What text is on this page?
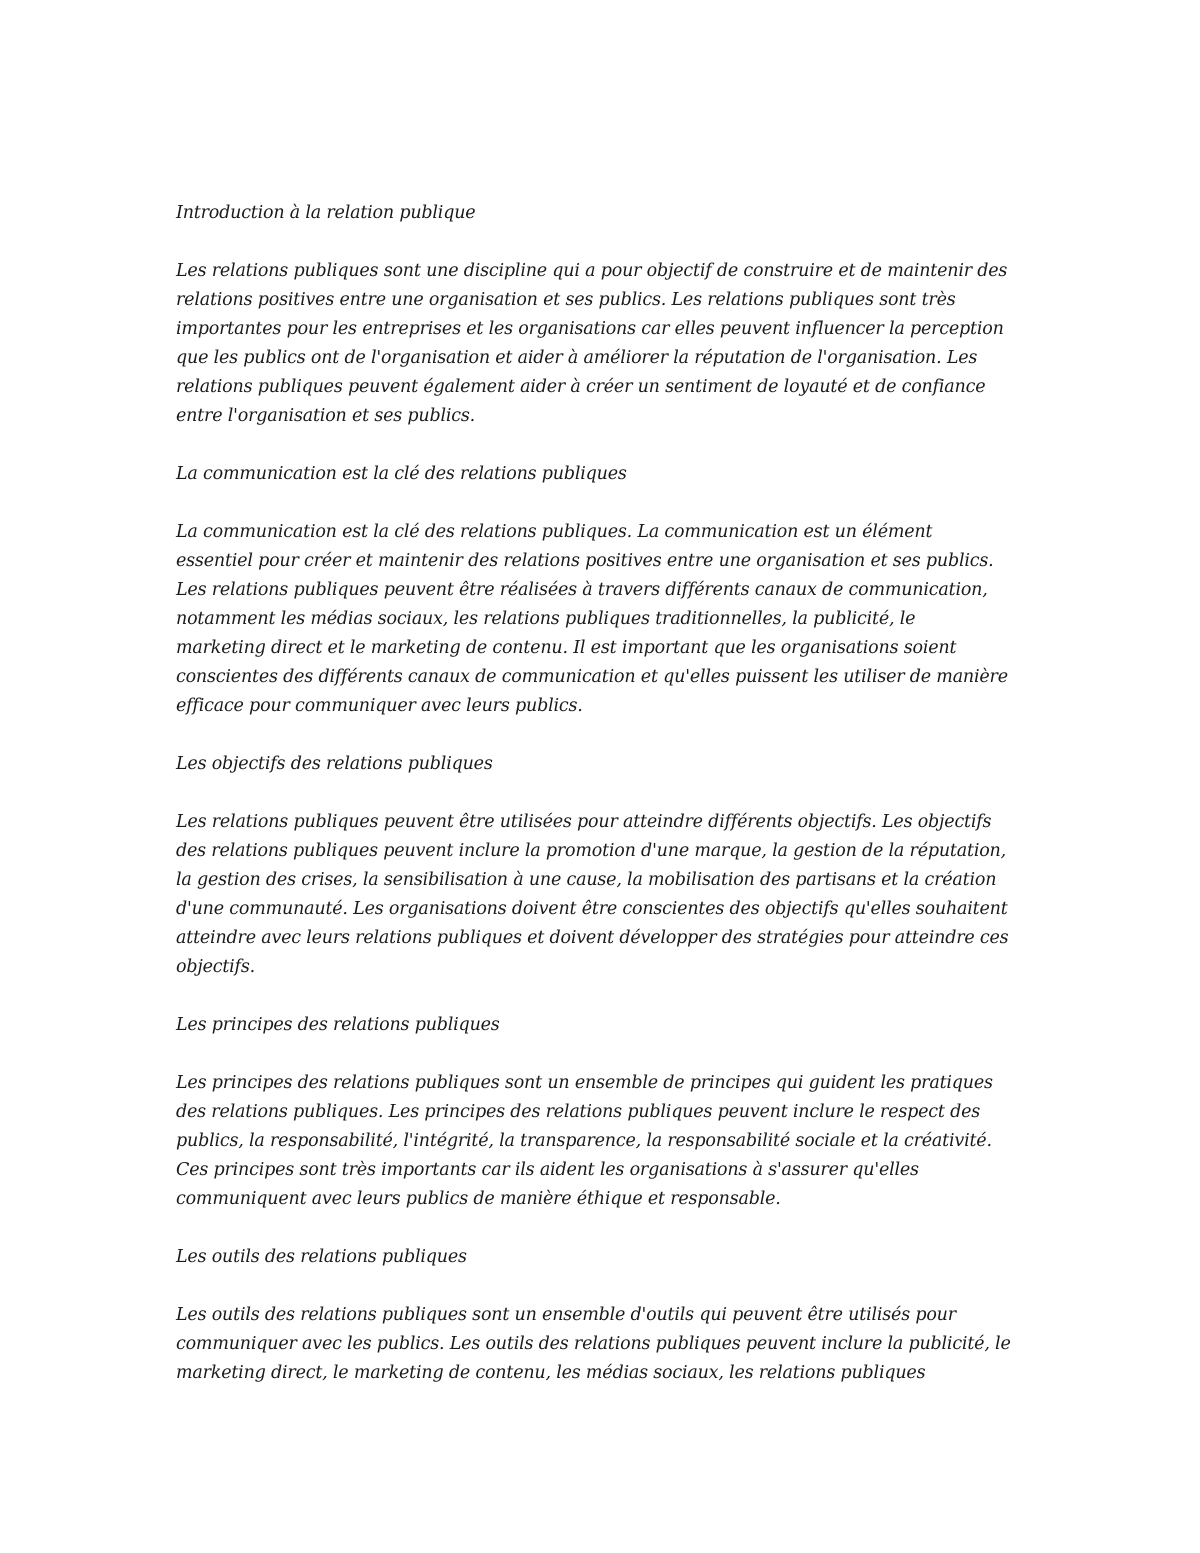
Introduction à la relation publique
Les relations publiques sont une discipline qui a pour objectif de construire et de maintenir des
relations positives entre une organisation et ses publics. Les relations publiques sont très
importantes pour les entreprises et les organisations car elles peuvent influencer la perception
que les publics ont de l'organisation et aider à améliorer la réputation de l'organisation. Les
relations publiques peuvent également aider à créer un sentiment de loyauté et de confiance
entre l'organisation et ses publics.
La communication est la clé des relations publiques
La communication est la clé des relations publiques. La communication est un élément
essentiel pour créer et maintenir des relations positives entre une organisation et ses publics.
Les relations publiques peuvent être réalisées à travers différents canaux de communication,
notamment les médias sociaux, les relations publiques traditionnelles, la publicité, le
marketing direct et le marketing de contenu. Il est important que les organisations soient
conscientes des différents canaux de communication et qu'elles puissent les utiliser de manière
efficace pour communiquer avec leurs publics.
Les objectifs des relations publiques
Les relations publiques peuvent être utilisées pour atteindre différents objectifs. Les objectifs
des relations publiques peuvent inclure la promotion d'une marque, la gestion de la réputation,
la gestion des crises, la sensibilisation à une cause, la mobilisation des partisans et la création
d'une communauté. Les organisations doivent être conscientes des objectifs qu'elles souhaitent
atteindre avec leurs relations publiques et doivent développer des stratégies pour atteindre ces
objectifs.
Les principes des relations publiques
Les principes des relations publiques sont un ensemble de principes qui guident les pratiques
des relations publiques. Les principes des relations publiques peuvent inclure le respect des
publics, la responsabilité, l'intégrité, la transparence, la responsabilité sociale et la créativité.
Ces principes sont très importants car ils aident les organisations à s'assurer qu'elles
communiquent avec leurs publics de manière éthique et responsable.
Les outils des relations publiques
Les outils des relations publiques sont un ensemble d'outils qui peuvent être utilisés pour
communiquer avec les publics. Les outils des relations publiques peuvent inclure la publicité, le
marketing direct, le marketing de contenu, les médias sociaux, les relations publiques
